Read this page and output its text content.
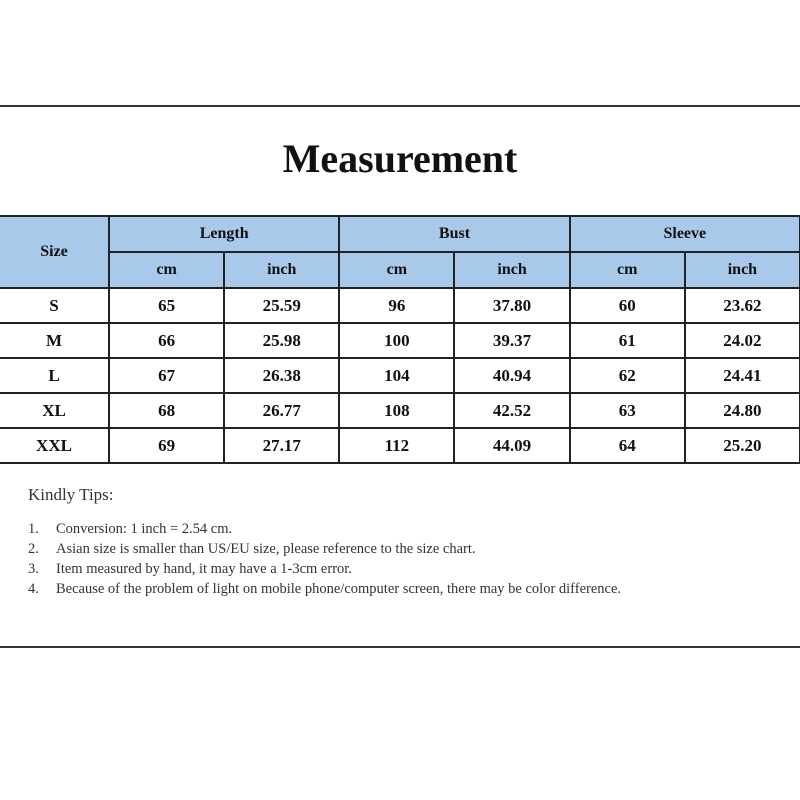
Measurement
Size	Length		Bust		Sleeve	
	cm	inch	cm	inch	cm	inch
S	65	25.59	96	37.80	60	23.62
M	66	25.98	100	39.37	61	24.02
L	67	26.38	104	40.94	62	24.41
XL	68	26.77	108	42.52	63	24.80
XXL	69	27.17	112	44.09	64	25.20
Kindly Tips:
1. Conversion: 1 inch = 2.54 cm.
2. Asian size is smaller than US/EU size, please reference to the size chart.
3. Item measured by hand, it may have a 1-3cm error.
4. Because of the problem of light on mobile phone/computer screen, there may be color difference.
